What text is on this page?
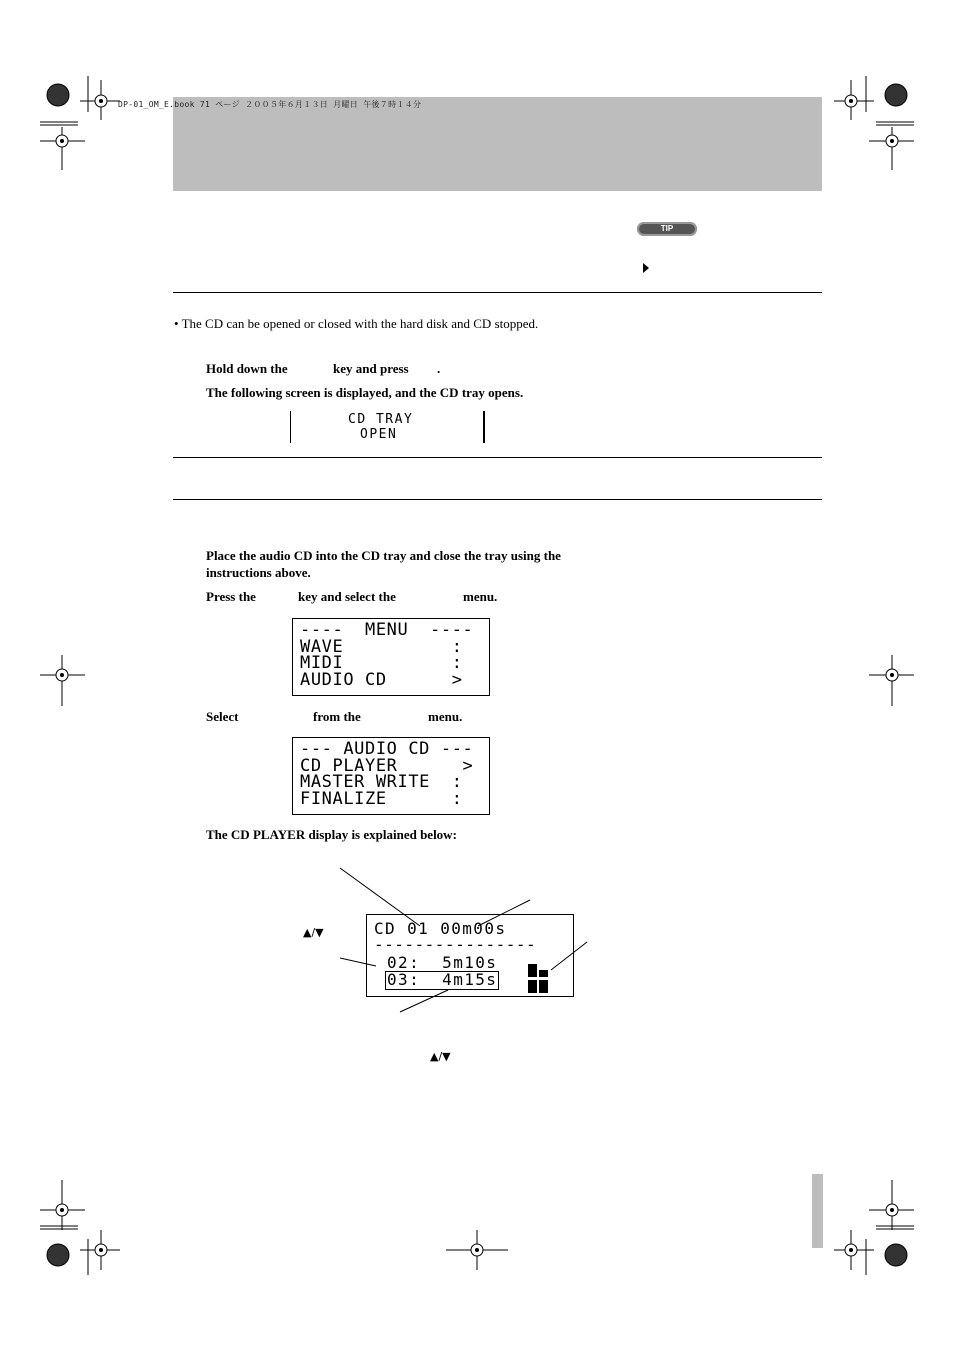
DP-01_OM_E.book 71 ページ ２００５年６月１３日 月曜日 午後７時１４分
TIP
• The CD can be opened or closed with the hard disk and CD stopped.
Hold down the	key and press .
The following screen is displayed, and the CD tray opens.
CD TRAY
OPEN
Place the audio CD into the CD tray and close the tray using the
instructions above.
Press the	key and select the	menu.
----  MENU  ----
WAVE          :
MIDI          :
AUDIO CD      >
Select	from the	menu.
--- AUDIO CD ---
CD PLAYER      >
MASTER WRITE  :
FINALIZE      :
The CD PLAYER display is explained below:
▲/▼	CD 01 00m00s
----------------
02:  5m10s
03:  4m15s
▲/▼
